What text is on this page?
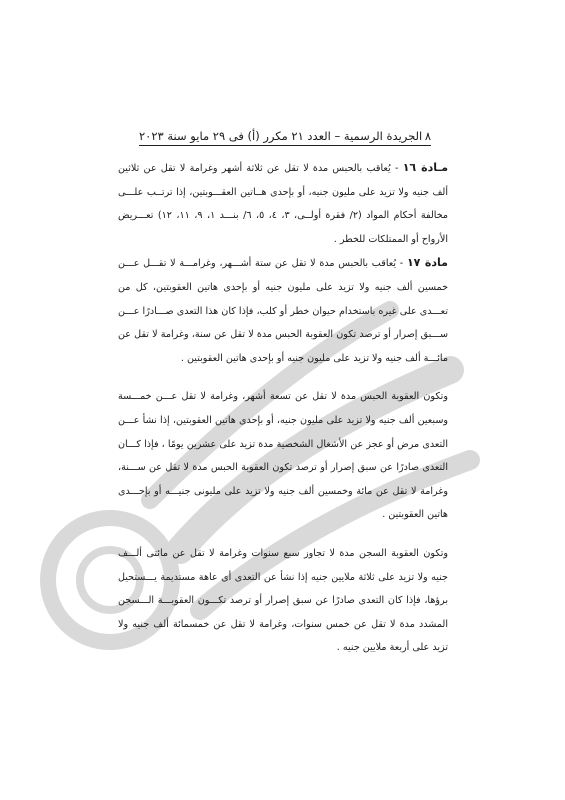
٨
الجريدة الرسمية – العدد ٢١ مكرر (أ) فى ٢٩ مايو سنة ٢٠٢٣

مـادة ١٦ - يُعاقب بالحبس مدة لا تقل عن ثلاثة أشهر وغرامة لا تقل عن ثلاثين ألف جنيه ولا تزيد على مليون جنيه، أو بإحدى هــاتين العقـــوبتين، إذا ترتــب علـــى مخالفة أحكام المواد (٢/ فقرة أولــى، ٣، ٤، ٥، ٦/ بنـــد ١، ٩، ١١، ١٢) تعـــريض الأرواح أو الممتلكات للخطر .

مادة ١٧ - يُعاقب بالحبس مدة لا تقل عن ستة أشـــهر، وغرامـــة لا تقـــل عـــن خمسين ألف جنيه ولا تزيد على مليون جنيه أو بإحدى هاتين العقوبتين، كل من تعـــدى على غيره باستخدام حيوان خطر أو كلب، فإذا كان هذا التعدى صـــادرًا عـــن ســـبق إصرار أو ترصد تكون العقوبة الحبس مدة لا تقل عن سنة، وغرامة لا تقل عن مائـــة ألف جنيه ولا تزيد على مليون جنيه أو بإحدى هاتين العقوبتين .

وتكون العقوبة الحبس مدة لا تقل عن تسعة أشهر، وغرامة لا تقل عـــن خمـــسة وسبعين ألف جنيه ولا تزيد على مليون جنيه، أو بإحدى هاتين العقوبتين، إذا نشأ عـــن التعدى مرض أو عجز عن الأشغال الشخصية مدة تزيد على عشرين يومًا ، فإذا كـــان التعدى صادرًا عن سبق إصرار أو ترصد تكون العقوبة الحبس مدة لا تقل عن ســـنة، وغرامة لا تقل عن مائة وخمسين ألف جنيه ولا تزيد على مليونى جنيـــه أو بإحـــدى هاتين العقوبتين .

وتكون العقوبة السجن مدة لا تجاوز سبع سنوات وغرامة لا تقل عن مائتى ألـــف جنيه ولا تزيد على ثلاثة ملايين جنيه إذا نشأ عن التعدى أى عاهة مستديمة يـــستحيل برؤها، فإذا كان التعدى صادرًا عن سبق إصرار أو ترصد تكـــون العقوبـــة الـــسجن المشدد مدة لا تقل عن خمس سنوات، وغرامة لا تقل عن خمسمائة ألف جنيه ولا تزيد على أربعة ملايين جنيه .
